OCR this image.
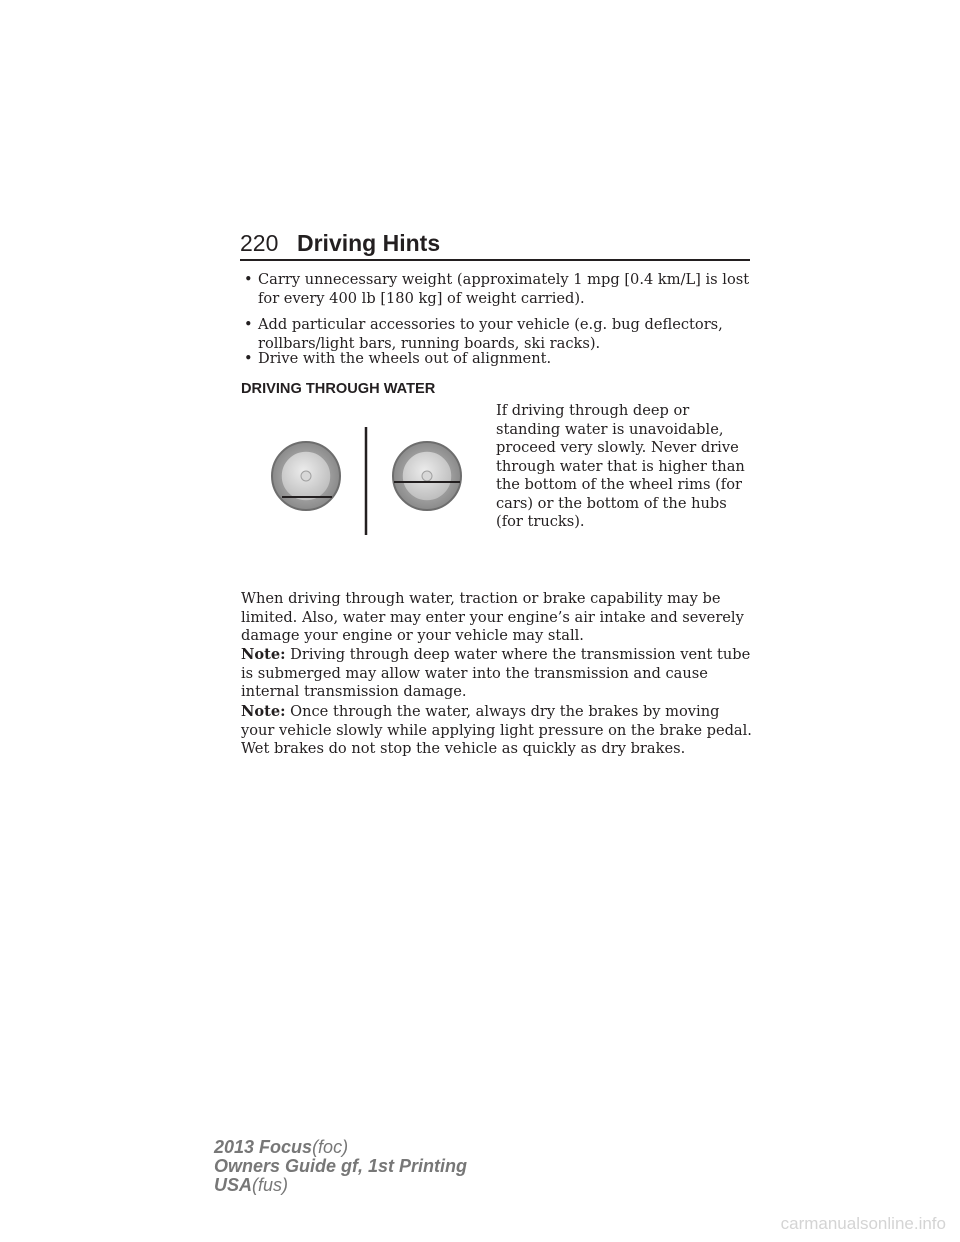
220 Driving Hints
• Carry unnecessary weight (approximately 1 mpg [0.4 km/L] is lost for every 400 lb [180 kg] of weight carried).
• Add particular accessories to your vehicle (e.g. bug deflectors, rollbars/light bars, running boards, ski racks).
• Drive with the wheels out of alignment.
DRIVING THROUGH WATER
If driving through deep or standing water is unavoidable, proceed very slowly. Never drive through water that is higher than the bottom of the wheel rims (for cars) or the bottom of the hubs (for trucks).
When driving through water, traction or brake capability may be limited. Also, water may enter your engine’s air intake and severely damage your engine or your vehicle may stall.
Note: Driving through deep water where the transmission vent tube is submerged may allow water into the transmission and cause internal transmission damage.
Note: Once through the water, always dry the brakes by moving your vehicle slowly while applying light pressure on the brake pedal. Wet brakes do not stop the vehicle as quickly as dry brakes.
2013 Focus(foc)
Owners Guide gf, 1st Printing
USA(fus)
carmanualsonline.info
